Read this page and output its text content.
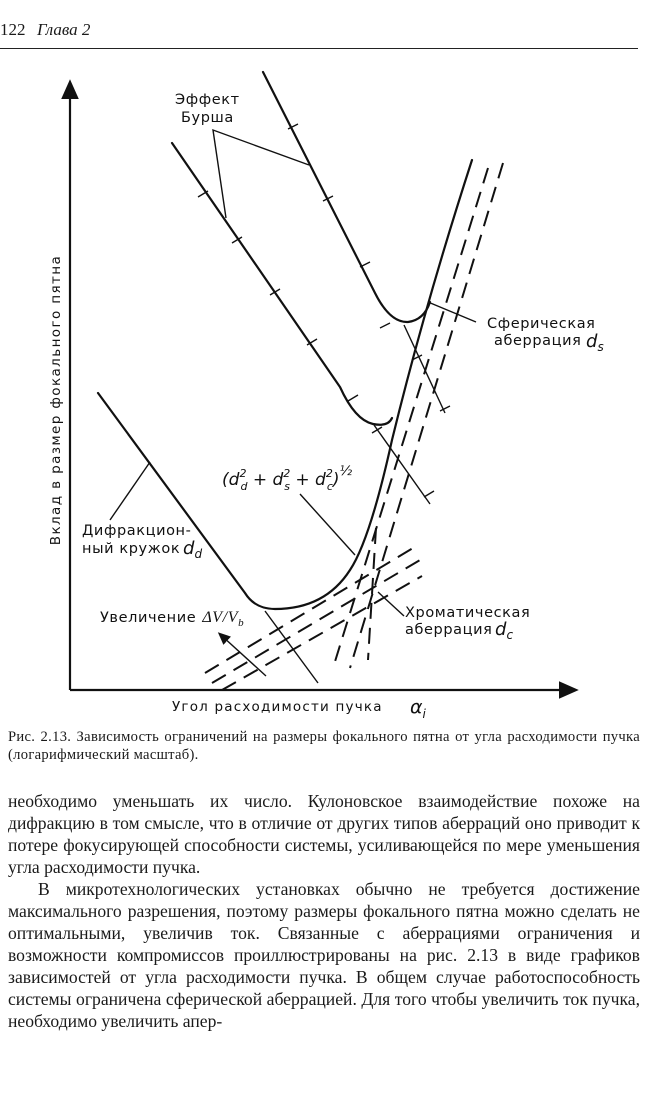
122 Глава 2
Вклад в размер фокального пятна
Угол расходимости пучка $\alpha_i$
Эффект Бурша
Сферическая аберрация $d_s$
Дифракцион- ный кружок $d_d$
Хроматическая аберрация $d_c$
Увеличение $\Delta V/V_b$
($d^2$ $d + d^2$ $s + d^2$ c)$^{\frac{1}{2}}$
Рис. 2.13. Зависимость ограничений на размеры фокального пятна от угла расходимости пучка (логарифмический масштаб).

необходимо уменьшать их число. Кулоновское взаимодействие похоже на дифракцию в том смысле, что в отличие от других типов аберраций оно приводит к потере фокусирующей способности системы, усиливающейся по мере уменьшения угла расходимости пучка.

В микротехнологических установках обычно не требуется достижение максимального разрешения, поэтому размеры фокального пятна можно сделать не оптимальными, увеличив ток. Связанные с аберрациями ограничения и возможности компромиссов проиллюстрированы на рис. 2.13 в виде графиков зависимостей от угла расходимости пучка. В общем случае работоспособность системы ограничена сферической аберрацией. Для того чтобы увеличить ток пучка, необходимо увеличить апер-
